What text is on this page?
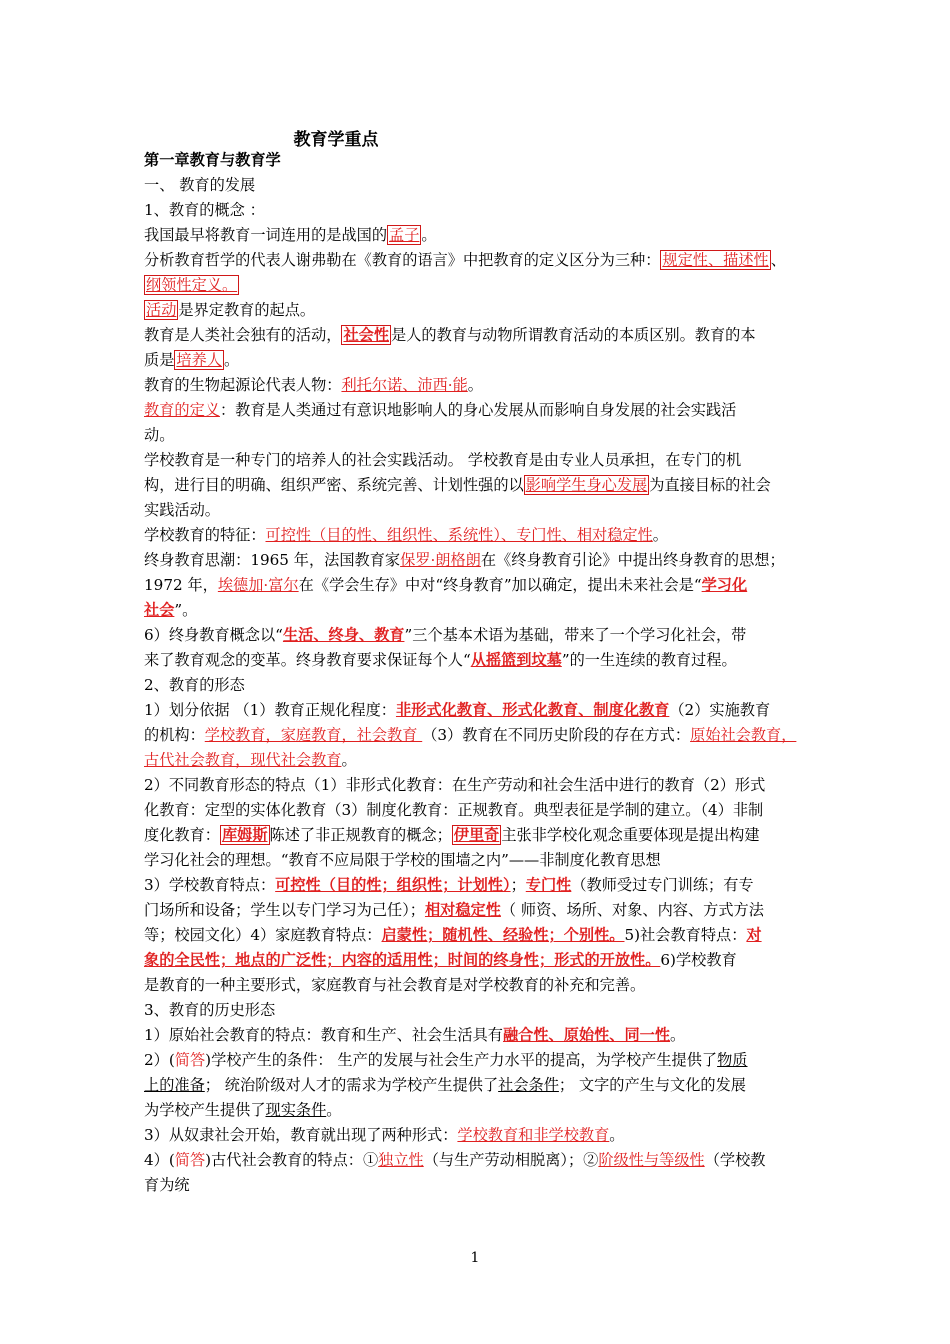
教育学重点
第一章教育与教育学
一、 教育的发展
1、教育的概念 ：
我国最早将教育一词连用的是战国的 孟子 。
分析教育哲学的代表人谢弗勒在《教育的语言》中把教育的定义区分为三种： 规定性、描述性 、
纲领性定义。
活动 是界定教育的起点。
教育是人类社会独有的活动， 社会性 是人的教育与动物所谓教育活动的本质区别。教育的本
质是 培养人 。
教育的生物起源论代表人物：利托尔诺、沛西·能。
教育的定义：教育是人类通过有意识地影响人的身心发展从而影响自身发展的社会实践活
动。
学校教育是一种专门的培养人的社会实践活动。 学校教育是由专业人员承担，在专门的机
构，进行目的明确、组织严密、系统完善、计划性强的以 影响学生身心发展 为直接目标的社会
实践活动。
学校教育的特征：可控性（目的性、组织性、系统性）、专门性、相对稳定性。
终身教育思潮：1965 年，法国教育家保罗·朗格朗在《终身教育引论》中提出终身教育的思想；
1972 年，埃德加·富尔在《学会生存》中对“终身教育”加以确定，提出未来社会是“学习化
社会”。
6）终身教育概念以“生活、终身、教育”三个基本术语为基础，带来了一个学习化社会，带
来了教育观念的变革。终身教育要求保证每个人“从摇篮到坟墓”的一生连续的教育过程。
2、教育的形态
1）划分依据 （1）教育正规化程度：非形式化教育、形式化教育、制度化教育（2）实施教育
的机构：学校教育，家庭教育，社会教育 （3）教育在不同历史阶段的存在方式：原始社会教育，
古代社会教育，现代社会教育。
2）不同教育形态的特点（1）非形式化教育：在生产劳动和社会生活中进行的教育（2）形式
化教育：定型的实体化教育（3）制度化教育：正规教育。典型表征是学制的建立。（4）非制
度化教育： 库姆斯 陈述了非正规教育的概念； 伊里奇 主张非学校化观念重要体现是提出构建
学习化社会的理想。“教育不应局限于学校的围墙之内”——非制度化教育思想
3）学校教育特点：可控性（目的性；组织性；计划性）；专门性（教师受过专门训练；有专
门场所和设备；学生以专门学习为己任）；相对稳定性（ 师资、场所、对象、内容、方式方法
等；校园文化）4）家庭教育特点：启蒙性；随机性、经验性；个别性。5)社会教育特点：对
象的全民性；地点的广泛性；内容的适用性；时间的终身性；形式的开放性。6)学校教育
是教育的一种主要形式，家庭教育与社会教育是对学校教育的补充和完善。
3、教育的历史形态
1）原始社会教育的特点：教育和生产、社会生活具有融合性、原始性、同一性。
2）(简答)学校产生的条件： 生产的发展与社会生产力水平的提高，为学校产生提供了物质
上的准备； 统治阶级对人才的需求为学校产生提供了社会条件； 文字的产生与文化的发展
为学校产生提供了现实条件。
3）从奴隶社会开始，教育就出现了两种形式：学校教育和非学校教育。
4）(简答)古代社会教育的特点：①独立性（与生产劳动相脱离）；②阶级性与等级性（学校教
育为统
1
